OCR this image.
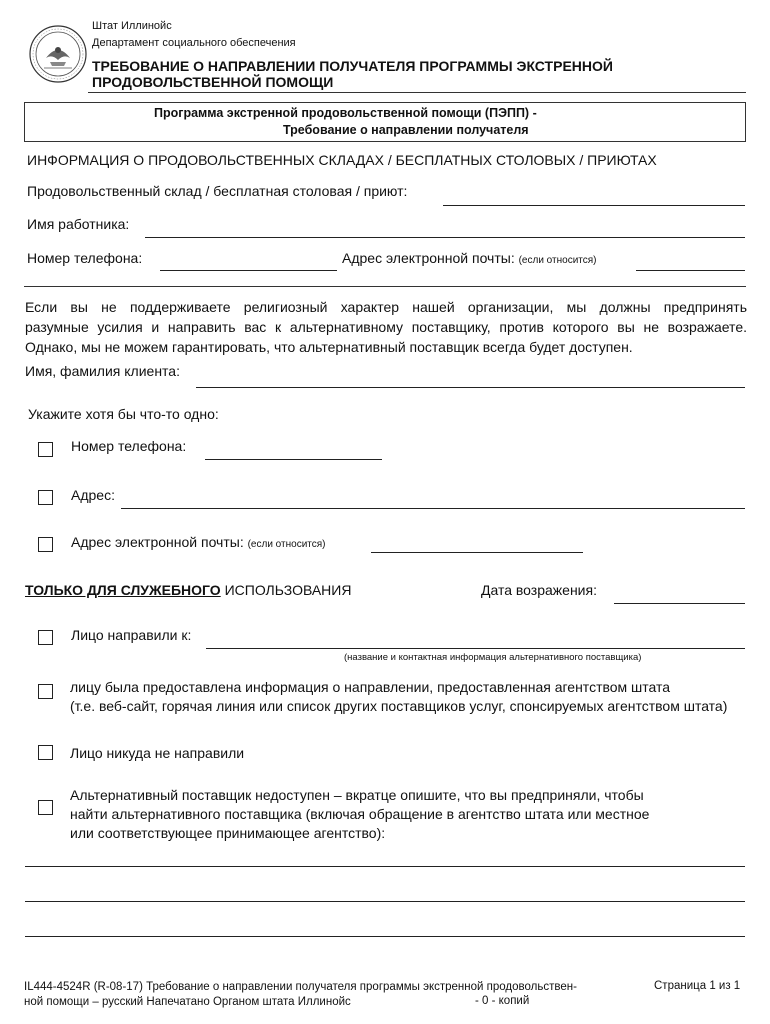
Штат Иллинойс
Департамент социального обеспечения
ТРЕБОВАНИЕ О НАПРАВЛЕНИИ ПОЛУЧАТЕЛЯ ПРОГРАММЫ ЭКСТРЕННОЙ
ПРОДОВОЛЬСТВЕННОЙ ПОМОЩИ
Программа экстренной продовольственной помощи (ПЭПП) -
Требование о направлении получателя
ИНФОРМАЦИЯ О ПРОДОВОЛЬСТВЕННЫХ СКЛАДАХ / БЕСПЛАТНЫХ СТОЛОВЫХ / ПРИЮТАХ
Продовольственный склад / бесплатная столовая / приют:
Имя работника:
Номер телефона:	Адрес электронной почты: (если относится)
Если вы не поддерживаете религиозный характер нашей организации, мы должны предпринять
разумные усилия и направить вас к альтернативному поставщику, против которого вы не возражаете.
Однако, мы не можем гарантировать, что альтернативный поставщик всегда будет доступен.
Имя, фамилия клиента:
Укажите хотя бы что-то одно:
Номер телефона:
Адрес:
Адрес электронной почты: (если относится)
ТОЛЬКО ДЛЯ СЛУЖЕБНОГО ИСПОЛЬЗОВАНИЯ	Дата возражения:
Лицо направили к:
(название и контактная информация альтернативного поставщика)
лицу была предоставлена информация о направлении, предоставленная агентством штата
(т.е. веб-сайт, горячая линия или список других поставщиков услуг, спонсируемых агентством штата)
Лицо никуда не направили
Альтернативный поставщик недоступен – вкратце опишите, что вы предприняли, чтобы
найти альтернативного поставщика (включая обращение в агентство штата или местное
или соответствующее принимающее агентство):
IL444-4524R (R-08-17) Требование о направлении получателя программы экстренной продовольствен-
ной помощи – русский Напечатано Органом штата Иллинойс	- 0 - копий
Страница 1 из 1
